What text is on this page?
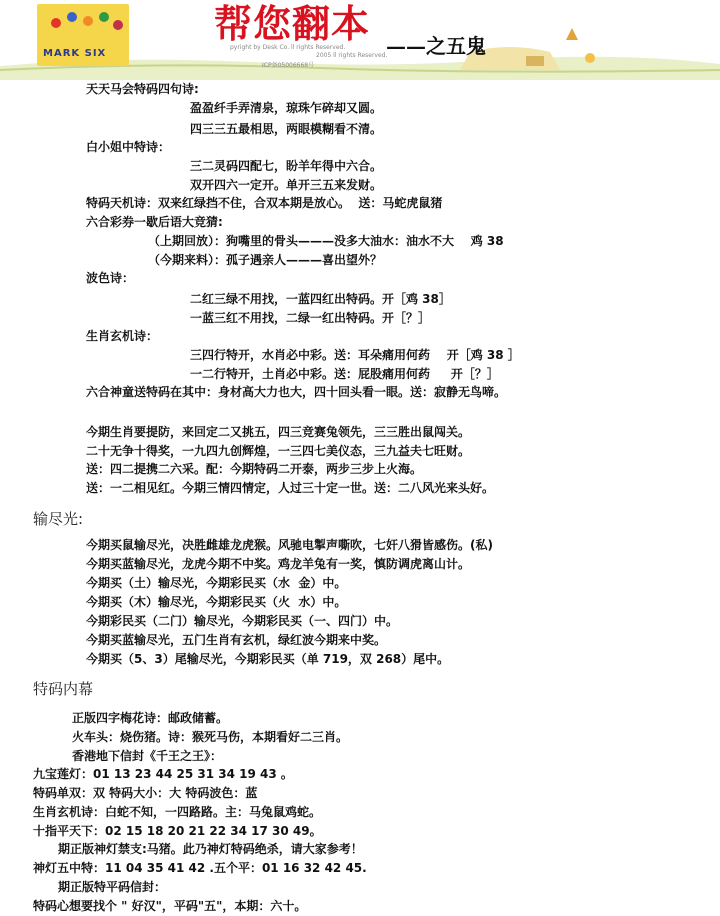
MARK SIX
帮您翻本 ——之五鬼
pyright by Desk Co. ll rights Reserved.
2005 ll rights Reserved.
ICP备05006668号
天天马会特码四句诗:
盈盈纤手弄清泉，琼珠乍碎却又圆。
四三三五最相思，两眼模糊看不清。
白小姐中特诗：
三二灵码四配七，盼羊年得中六合。
双开四六一定开。单开三五来发财。
特码天机诗：双来红绿挡不住，合双本期是放心。  送：马蛇虎鼠猪
六合彩券一歇后语大竞猜:
（上期回放）：狗嘴里的骨头———没多大油水：油水不大    鸡 38
（今期来料）：孤子遇亲人———喜出望外？
波色诗：
二红三绿不用找，一蓝四红出特码。开［鸡 38］
一蓝三红不用找，二绿一红出特码。开［？］
生肖玄机诗：
三四行特开，水肖必中彩。送：耳朵痛用何药    开［鸡 38 ］
一二行特开，土肖必中彩。送：屁股痛用何药     开［？］
六合神童送特码在其中：身材高大力也大，四十回头看一眼。送：寂静无鸟啼。
今期生肖要提防，来回定二又挑五，四三竞赛兔领先，三三胜出鼠闯关。
二十无争十得奖，一九四九创辉煌，一三四七美仪态，三九益夫七旺财。
送：四二提携二六采。配：今期特码二开泰，两步三步上火海。
送：一二相见红。今期三情四情定，人过三十定一世。送：二八风光来头好。
输尽光:
今期买鼠输尽光，决胜雌雄龙虎猴。风驰电掣声嘶吹，七奸八猾皆感伤。(私)
今期买蓝输尽光，龙虎今期不中奖。鸡龙羊兔有一奖，慎防调虎离山计。
今期买（土）输尽光，今期彩民买（水  金）中。
今期买（木）输尽光，今期彩民买（火  水）中。
今期彩民买（二门）输尽光，今期彩民买（一、四门）中。
今期买蓝输尽光，五门生肖有玄机，绿红波今期来中奖。
今期买（5、3）尾输尽光，今期彩民买（单 719，双 268）尾中。
特码内幕
正版四字梅花诗：邮政储蓄。
火车头：烧伤猪。诗：猴死马伤，本期看好二三肖。
香港地下信封《千王之王》：
九宝莲灯：01 13 23 44 25 31 34 19 43 。
特码单双：双 特码大小：大 特码波色：蓝
生肖玄机诗：白蛇不知，一四路路。主：马兔鼠鸡蛇。
十指平天下：02 15 18 20 21 22 34 17 30 49。
期正版神灯禁支:马猪。此乃神灯特码绝杀，请大家参考！
神灯五中特：11 04 35 41 42 .五个平：01 16 32 42 45.
期正版特平码信封：
特码心想要找个 " 好汉"，平码"五"，本期：六十。
